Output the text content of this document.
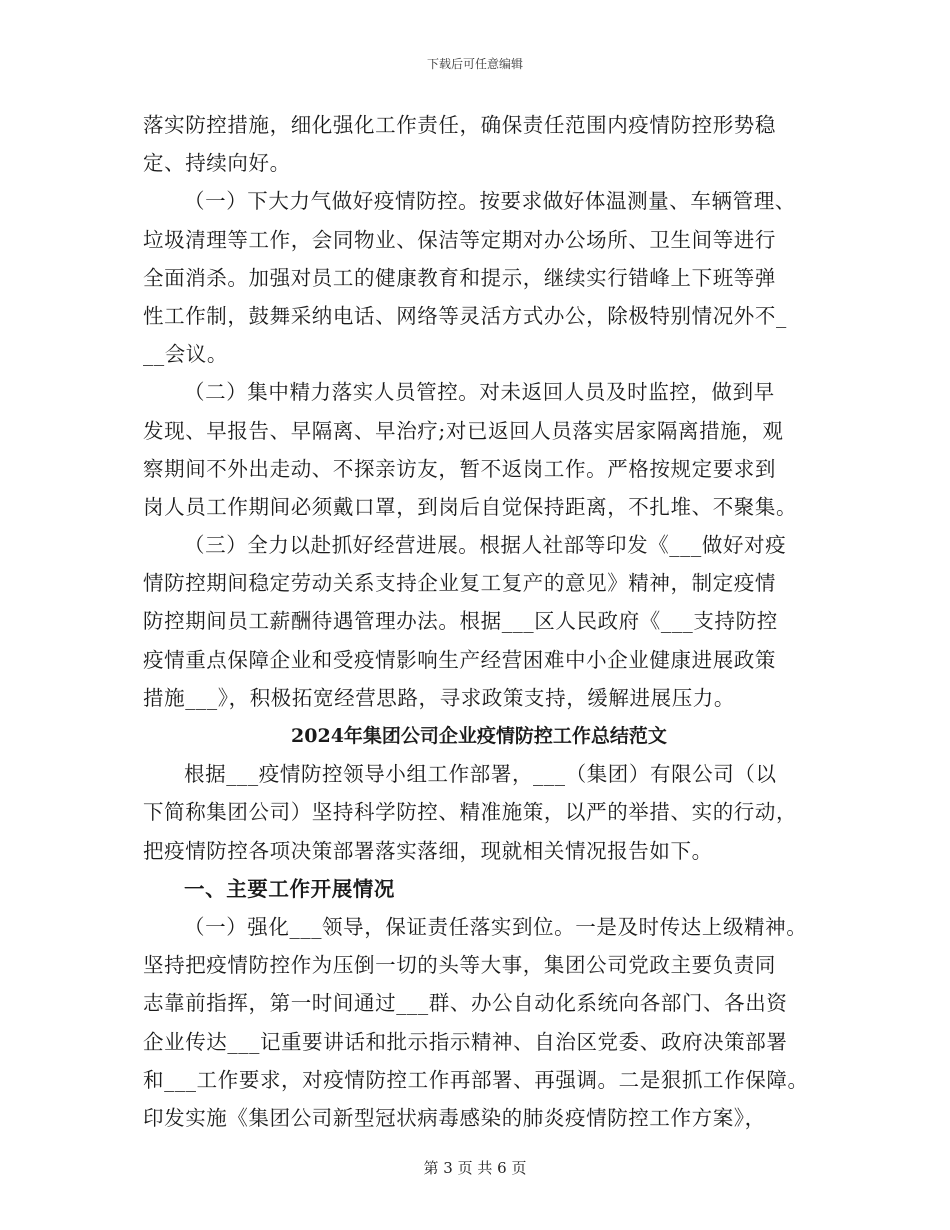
下载后可任意编辑
落实防控措施，细化强化工作责任，确保责任范围内疫情防控形势稳
定、持续向好。
（一）下大力气做好疫情防控。按要求做好体温测量、车辆管理、
垃圾清理等工作，会同物业、保洁等定期对办公场所、卫生间等进行
全面消杀。加强对员工的健康教育和提示，继续实行错峰上下班等弹
性工作制，鼓舞采纳电话、网络等灵活方式办公，除极特别情况外不_
__会议。
（二）集中精力落实人员管控。对未返回人员及时监控，做到早
发现、早报告、早隔离、早治疗;对已返回人员落实居家隔离措施，观
察期间不外出走动、不探亲访友，暂不返岗工作。严格按规定要求到
岗人员工作期间必须戴口罩，到岗后自觉保持距离，不扎堆、不聚集。
（三）全力以赴抓好经营进展。根据人社部等印发《___做好对疫
情防控期间稳定劳动关系支持企业复工复产的意见》精神，制定疫情
防控期间员工薪酬待遇管理办法。根据___区人民政府《___支持防控
疫情重点保障企业和受疫情影响生产经营困难中小企业健康进展政策
措施___》，积极拓宽经营思路，寻求政策支持，缓解进展压力。
2024年集团公司企业疫情防控工作总结范文
根据___疫情防控领导小组工作部署，___（集团）有限公司（以
下简称集团公司）坚持科学防控、精准施策，以严的举措、实的行动，
把疫情防控各项决策部署落实落细，现就相关情况报告如下。
一、主要工作开展情况
（一）强化___领导，保证责任落实到位。一是及时传达上级精神。
坚持把疫情防控作为压倒一切的头等大事，集团公司党政主要负责同
志靠前指挥，第一时间通过___群、办公自动化系统向各部门、各出资
企业传达___记重要讲话和批示指示精神、自治区党委、政府决策部署
和___工作要求，对疫情防控工作再部署、再强调。二是狠抓工作保障。
印发实施《集团公司新型冠状病毒感染的肺炎疫情防控工作方案》，
第 3 页 共 6 页
